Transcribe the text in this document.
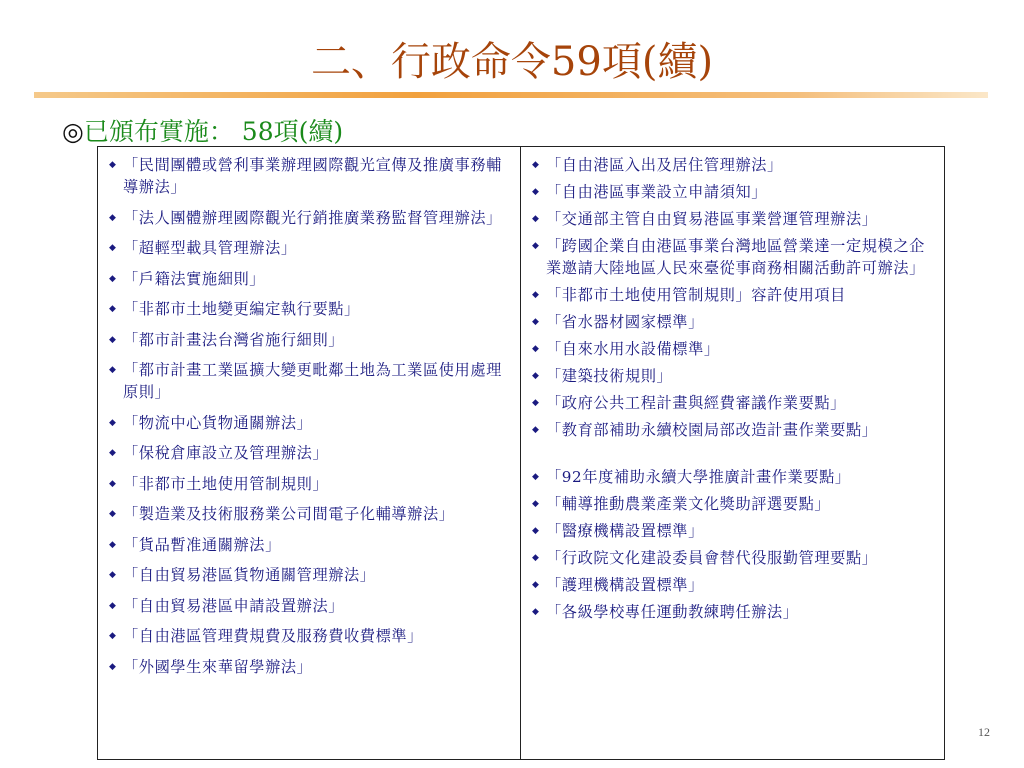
二、行政命令59項(續)
◎已頒布實施： 58項(續)
◆ 「民間團體或營利事業辦理國際觀光宣傳及推廣事務輔導辦法」
◆ 「法人團體辦理國際觀光行銷推廣業務監督管理辦法」
◆ 「超輕型載具管理辦法」
◆ 「戶籍法實施細則」
◆ 「非都市土地變更編定執行要點」
◆ 「都市計畫法台灣省施行細則」
◆ 「都市計畫工業區擴大變更毗鄰土地為工業區使用處理原則」
◆ 「物流中心貨物通關辦法」
◆ 「保稅倉庫設立及管理辦法」
◆ 「非都市土地使用管制規則」
◆ 「製造業及技術服務業公司間電子化輔導辦法」
◆ 「貨品暫准通關辦法」
◆ 「自由貿易港區貨物通關管理辦法」
◆ 「自由貿易港區申請設置辦法」
◆ 「自由港區管理費規費及服務費收費標準」
◆ 「外國學生來華留學辦法」
◆ 「自由港區入出及居住管理辦法」
◆ 「自由港區事業設立申請須知」
◆ 「交通部主管自由貿易港區事業營運管理辦法」
◆ 「跨國企業自由港區事業台灣地區營業達一定規模之企業邀請大陸地區人民來臺從事商務相關活動許可辦法」
◆ 「非都市土地使用管制規則」容許使用項目
◆ 「省水器材國家標準」
◆ 「自來水用水設備標準」
◆ 「建築技術規則」
◆ 「政府公共工程計畫與經費審議作業要點」
◆ 「教育部補助永續校園局部改造計畫作業要點」
◆ 「92年度補助永續大學推廣計畫作業要點」
◆ 「輔導推動農業產業文化獎助評選要點」
◆ 「醫療機構設置標準」
◆ 「行政院文化建設委員會替代役服勤管理要點」
◆ 「護理機構設置標準」
◆ 「各級學校專任運動教練聘任辦法」
12
